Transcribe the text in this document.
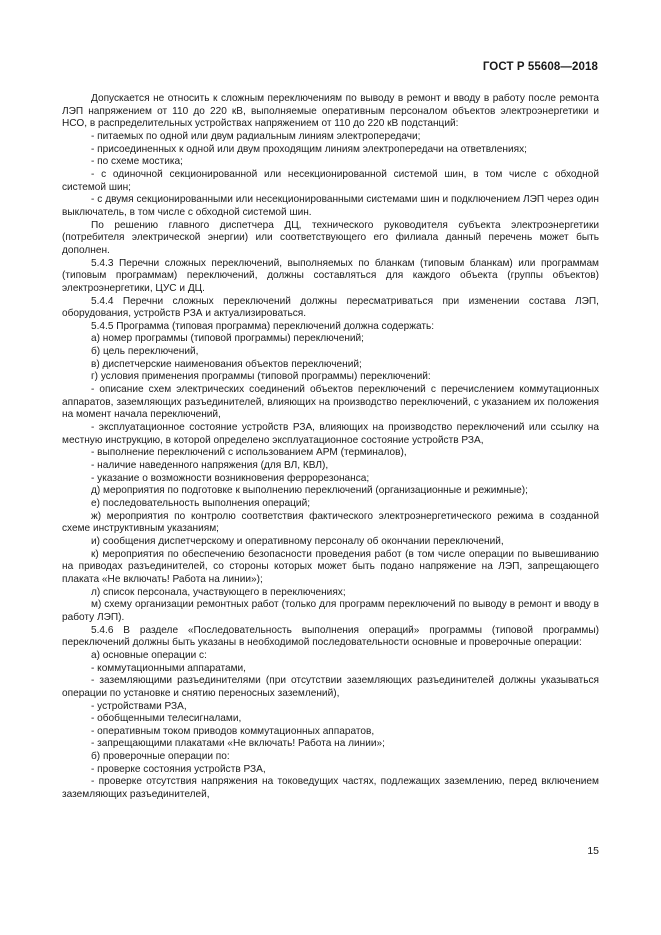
ГОСТ Р 55608—2018

Допускается не относить к сложным переключениям по выводу в ремонт и вводу в работу после ремонта ЛЭП напряжением от 110 до 220 кВ, выполняемые оперативным персоналом объектов электроэнергетики и НСО, в распределительных устройствах напряжением от 110 до 220 кВ подстанций:

- питаемых по одной или двум радиальным линиям электропередачи;

- присоединенных к одной или двум проходящим линиям электропередачи на ответвлениях;

- по схеме мостика;

- с одиночной секционированной или несекционированной системой шин, в том числе с обходной системой шин;

- с двумя секционированными или несекционированными системами шин и подключением ЛЭП через один выключатель, в том числе с обходной системой шин.

По решению главного диспетчера ДЦ, технического руководителя субъекта электроэнергетики (потребителя электрической энергии) или соответствующего его филиала данный перечень может быть дополнен.

5.4.3 Перечни сложных переключений, выполняемых по бланкам (типовым бланкам) или программам (типовым программам) переключений, должны составляться для каждого объекта (группы объектов) электроэнергетики, ЦУС и ДЦ.

5.4.4 Перечни сложных переключений должны пересматриваться при изменении состава ЛЭП, оборудования, устройств РЗА и актуализироваться.

5.4.5 Программа (типовая программа) переключений должна содержать:

а) номер программы (типовой программы) переключений;

б) цель переключений,

в) диспетчерские наименования объектов переключений;

г) условия применения программы (типовой программы) переключений:

- описание схем электрических соединений объектов переключений с перечислением коммутационных аппаратов, заземляющих разъединителей, влияющих на производство переключений, с указанием их положения на момент начала переключений,

- эксплуатационное состояние устройств РЗА, влияющих на производство переключений или ссылку на местную инструкцию, в которой определено эксплуатационное состояние устройств РЗА,

- выполнение переключений с использованием АРМ (терминалов),

- наличие наведенного напряжения (для ВЛ, КВЛ),

- указание о возможности возникновения феррорезонанса;

д) мероприятия по подготовке к выполнению переключений (организационные и режимные);

е) последовательность выполнения операций;

ж) мероприятия по контролю соответствия фактического электроэнергетического режима в созданной схеме инструктивным указаниям;

и) сообщения диспетчерскому и оперативному персоналу об окончании переключений,

к) мероприятия по обеспечению безопасности проведения работ (в том числе операции по вывешиванию на приводах разъединителей, со стороны которых может быть подано напряжение на ЛЭП, запрещающего плаката «Не включать! Работа на линии»);

л) список персонала, участвующего в переключениях;

м) схему организации ремонтных работ (только для программ переключений по выводу в ремонт и вводу в работу ЛЭП).

5.4.6 В разделе «Последовательность выполнения операций» программы (типовой программы) переключений должны быть указаны в необходимой последовательности основные и проверочные операции:

а) основные операции с:

- коммутационными аппаратами,

- заземляющими разъединителями (при отсутствии заземляющих разъединителей должны указываться операции по установке и снятию переносных заземлений),

- устройствами РЗА,

- обобщенными телесигналами,

- оперативным током приводов коммутационных аппаратов,

- запрещающими плакатами «Не включать! Работа на линии»;

б) проверочные операции по:

- проверке состояния устройств РЗА,

- проверке отсутствия напряжения на токоведущих частях, подлежащих заземлению, перед включением заземляющих разъединителей,

15
